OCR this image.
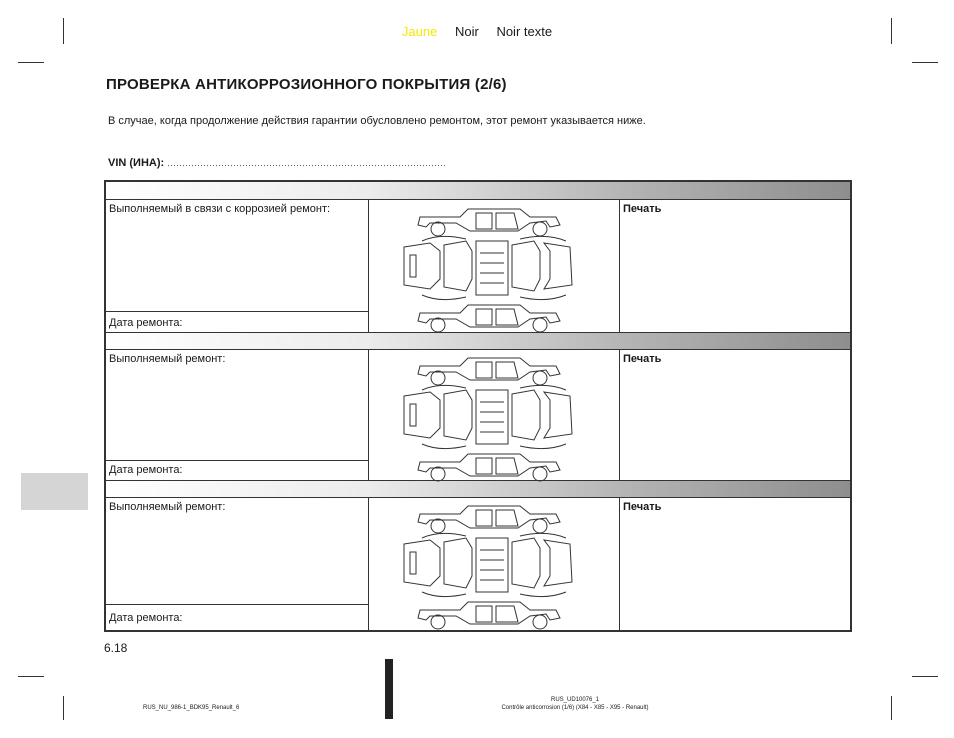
Jaune Noir Noir texte
ПРОВЕРКА АНТИКОРРОЗИОННОГО ПОКРЫТИЯ (2/6)
В случае, когда продолжение действия гарантии обусловлено ремонтом, этот ремонт указывается ниже.
VIN (ИНА): .............................................................................................
Выполняемый в связи с коррозией ремонт:
Дата ремонта:
Печать
Выполняемый ремонт:
Дата ремонта:
Печать
Выполняемый ремонт:
Дата ремонта:
Печать
6.18
RUS_NU_986-1_BDK95_Renault_6
RUS_UD10076_1
Contrôle anticorrosion (1/6) (X84 - X85 - X95 - Renault)
